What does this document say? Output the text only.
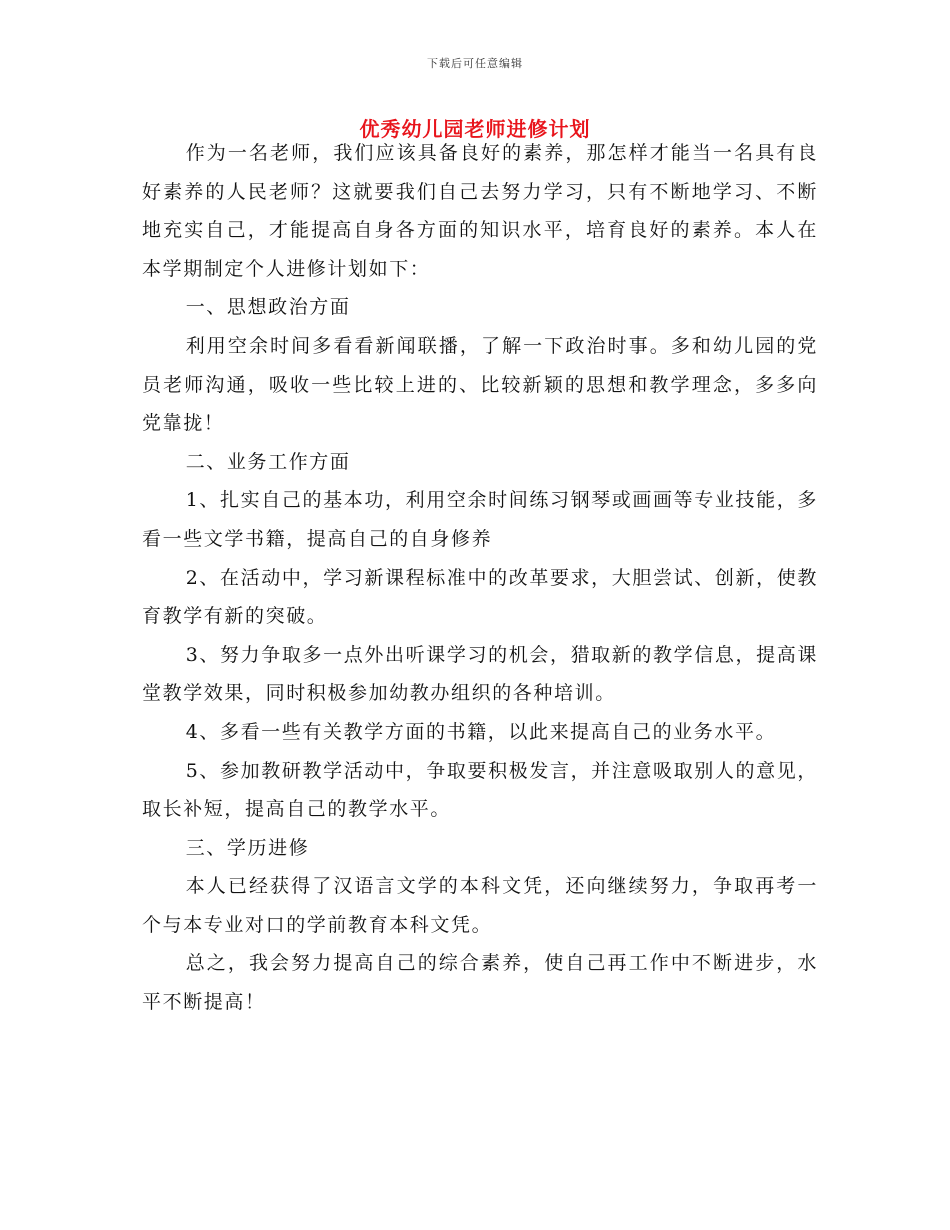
下载后可任意编辑
优秀幼儿园老师进修计划

作为一名老师，我们应该具备良好的素养，那怎样才能当一名具有良好素养的人民老师？这就要我们自己去努力学习，只有不断地学习、不断地充实自己，才能提高自身各方面的知识水平，培育良好的素养。本人在本学期制定个人进修计划如下：

一、思想政治方面

利用空余时间多看看新闻联播，了解一下政治时事。多和幼儿园的党员老师沟通，吸收一些比较上进的、比较新颖的思想和教学理念，多多向党靠拢！

二、业务工作方面

1、扎实自己的基本功，利用空余时间练习钢琴或画画等专业技能，多看一些文学书籍，提高自己的自身修养

2、在活动中，学习新课程标准中的改革要求，大胆尝试、创新，使教育教学有新的突破。

3、努力争取多一点外出听课学习的机会，猎取新的教学信息，提高课堂教学效果，同时积极参加幼教办组织的各种培训。

4、多看一些有关教学方面的书籍，以此来提高自己的业务水平。

5、参加教研教学活动中，争取要积极发言，并注意吸取别人的意见，取长补短，提高自己的教学水平。

三、学历进修

本人已经获得了汉语言文学的本科文凭，还向继续努力，争取再考一个与本专业对口的学前教育本科文凭。

总之，我会努力提高自己的综合素养，使自己再工作中不断进步，水平不断提高！
